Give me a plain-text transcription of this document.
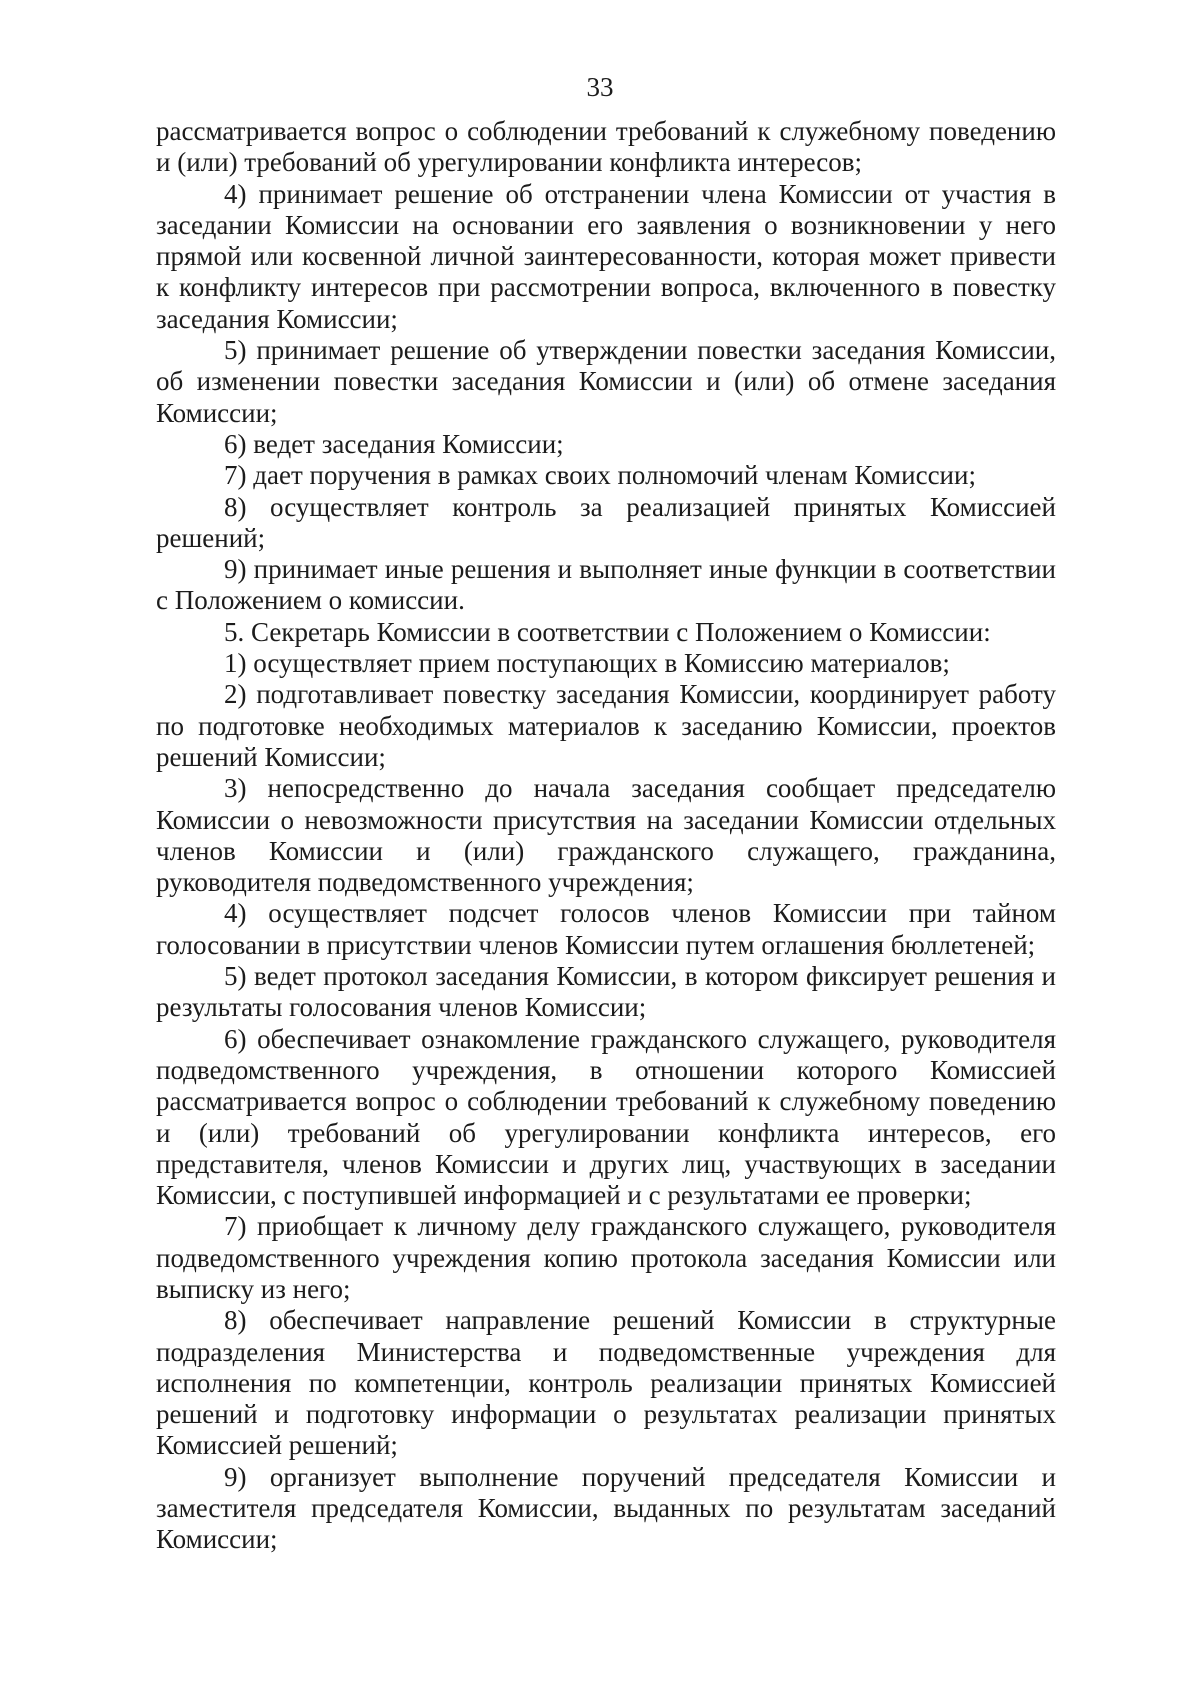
33

рассматривается вопрос о соблюдении требований к служебному поведению и (или) требований об урегулировании конфликта интересов;

4) принимает решение об отстранении члена Комиссии от участия в заседании Комиссии на основании его заявления о возникновении у него прямой или косвенной личной заинтересованности, которая может привести к конфликту интересов при рассмотрении вопроса, включенного в повестку заседания Комиссии;

5) принимает решение об утверждении повестки заседания Комиссии, об изменении повестки заседания Комиссии и (или) об отмене заседания Комиссии;

6) ведет заседания Комиссии;

7) дает поручения в рамках своих полномочий членам Комиссии;

8) осуществляет контроль за реализацией принятых Комиссией решений;

9) принимает иные решения и выполняет иные функции в соответствии с Положением о комиссии.

5. Секретарь Комиссии в соответствии с Положением о Комиссии:

1) осуществляет прием поступающих в Комиссию материалов;

2) подготавливает повестку заседания Комиссии, координирует работу по подготовке необходимых материалов к заседанию Комиссии, проектов решений Комиссии;

3) непосредственно до начала заседания сообщает председателю Комиссии о невозможности присутствия на заседании Комиссии отдельных членов Комиссии и (или) гражданского служащего, гражданина, руководителя подведомственного учреждения;

4) осуществляет подсчет голосов членов Комиссии при тайном голосовании в присутствии членов Комиссии путем оглашения бюллетеней;

5) ведет протокол заседания Комиссии, в котором фиксирует решения и результаты голосования членов Комиссии;

6) обеспечивает ознакомление гражданского служащего, руководителя подведомственного учреждения, в отношении которого Комиссией рассматривается вопрос о соблюдении требований к служебному поведению и (или) требований об урегулировании конфликта интересов, его представителя, членов Комиссии и других лиц, участвующих в заседании Комиссии, с поступившей информацией и с результатами ее проверки;

7) приобщает к личному делу гражданского служащего, руководителя подведомственного учреждения копию протокола заседания Комиссии или выписку из него;

8) обеспечивает направление решений Комиссии в структурные подразделения Министерства и подведомственные учреждения для исполнения по компетенции, контроль реализации принятых Комиссией решений и подготовку информации о результатах реализации принятых Комиссией решений;

9) организует выполнение поручений председателя Комиссии и заместителя председателя Комиссии, выданных по результатам заседаний Комиссии;
